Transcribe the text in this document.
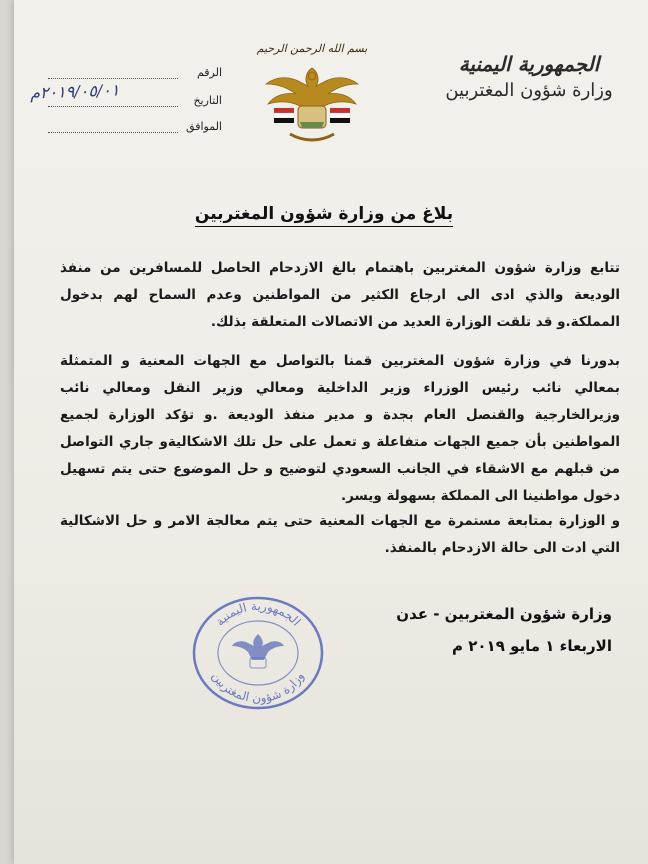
الجمهورية اليمنية
وزارة شؤون المغتربين
بسم الله الرحمن الرحيم
الرقم
التاريخ
الموافق
٢٠١٩/٠٥/٠١م
بلاغ من وزارة شؤون المغتربين
تتابع وزارة شؤون المغتربين باهتمام بالغ الازدحام الحاصل للمسافرين من منفذ الوديعة والذي ادى الى ارجاع الكثير من المواطنين وعدم السماح لهم بدخول المملكة.و قد تلقت الوزارة العديد من الاتصالات المتعلقة بذلك.
بدورنا في وزارة شؤون المغتربين قمنا بالتواصل مع الجهات المعنية و المتمثلة بمعالي نائب رئيس الوزراء وزير الداخلية ومعالي وزير النقل ومعالي نائب وزيرالخارجية والقنصل العام بجدة و مدير منفذ الوديعة .و تؤكد الوزارة لجميع المواطنين بأن جميع الجهات متفاعلة و تعمل على حل تلك الاشكاليةو جاري التواصل من قبلهم مع الاشقاء في الجانب السعودي لتوضيح و حل الموضوع حتى يتم تسهيل دخول مواطنينا الى المملكة بسهولة ويسر.
و الوزارة بمتابعة مستمرة مع الجهات المعنية حتى يتم معالجة الامر و حل الاشكالية التي ادت الى حالة الازدحام بالمنفذ.
وزارة شؤون المغتربين - عدن
الاربعاء ١ مايو ٢٠١٩ م
الجمهورية اليمنية
وزارة شؤون المغتربين
